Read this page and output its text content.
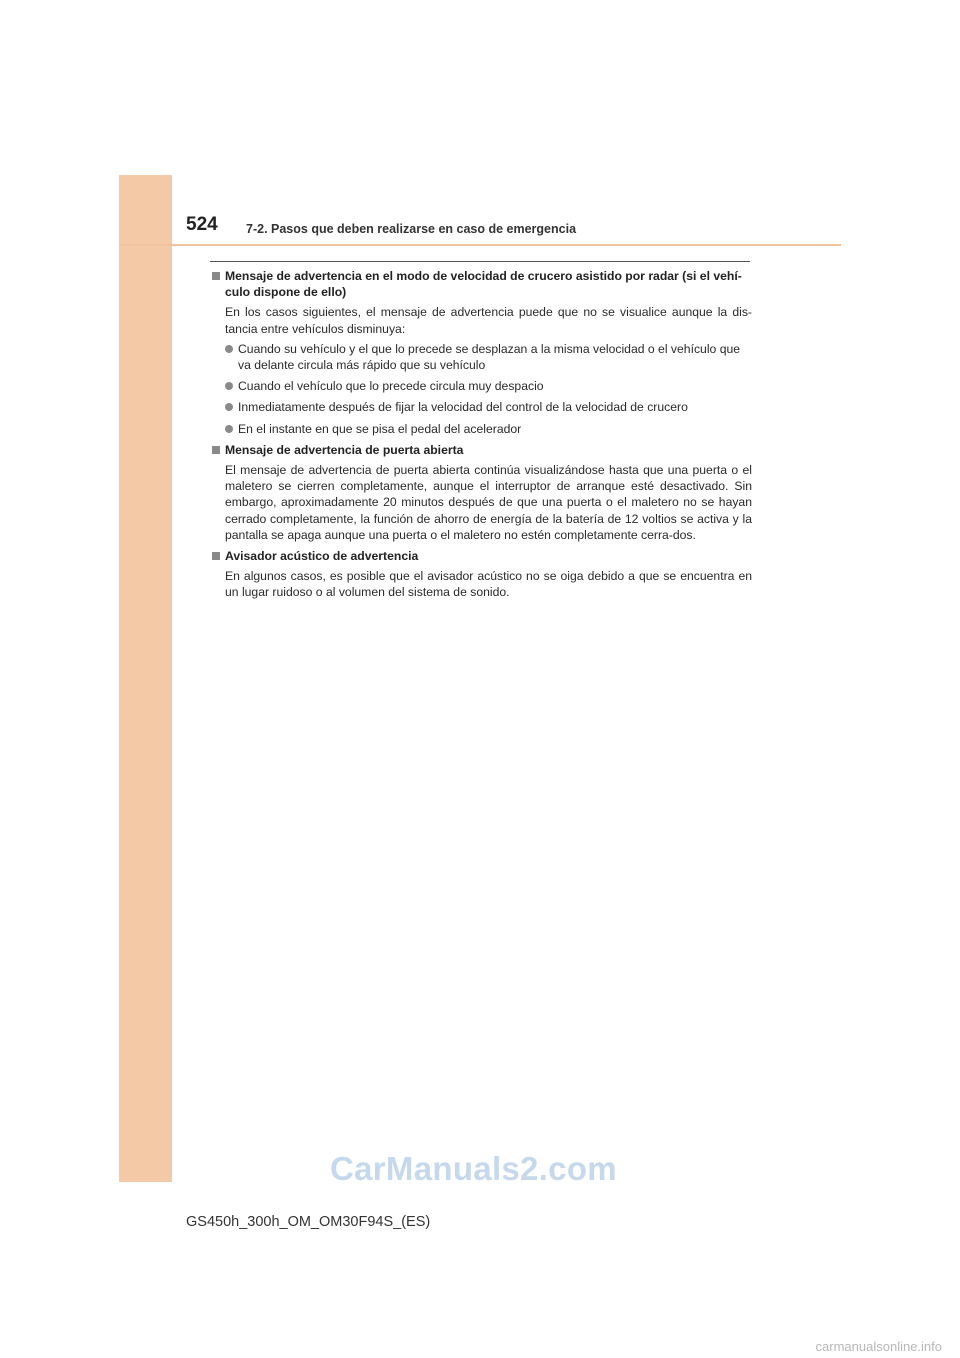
524 7-2. Pasos que deben realizarse en caso de emergencia
Mensaje de advertencia en el modo de velocidad de crucero asistido por radar (si el vehí-culo dispone de ello)
En los casos siguientes, el mensaje de advertencia puede que no se visualice aunque la dis-tancia entre vehículos disminuya:
Cuando su vehículo y el que lo precede se desplazan a la misma velocidad o el vehículo que va delante circula más rápido que su vehículo
Cuando el vehículo que lo precede circula muy despacio
Inmediatamente después de fijar la velocidad del control de la velocidad de crucero
En el instante en que se pisa el pedal del acelerador
Mensaje de advertencia de puerta abierta
El mensaje de advertencia de puerta abierta continúa visualizándose hasta que una puerta o el maletero se cierren completamente, aunque el interruptor de arranque esté desactivado. Sin embargo, aproximadamente 20 minutos después de que una puerta o el maletero no se hayan cerrado completamente, la función de ahorro de energía de la batería de 12 voltios se activa y la pantalla se apaga aunque una puerta o el maletero no estén completamente cerra-dos.
Avisador acústico de advertencia
En algunos casos, es posible que el avisador acústico no se oiga debido a que se encuentra en un lugar ruidoso o al volumen del sistema de sonido.
CarManuals2.com
GS450h_300h_OM_OM30F94S_(ES)
carmanualsonline.info
